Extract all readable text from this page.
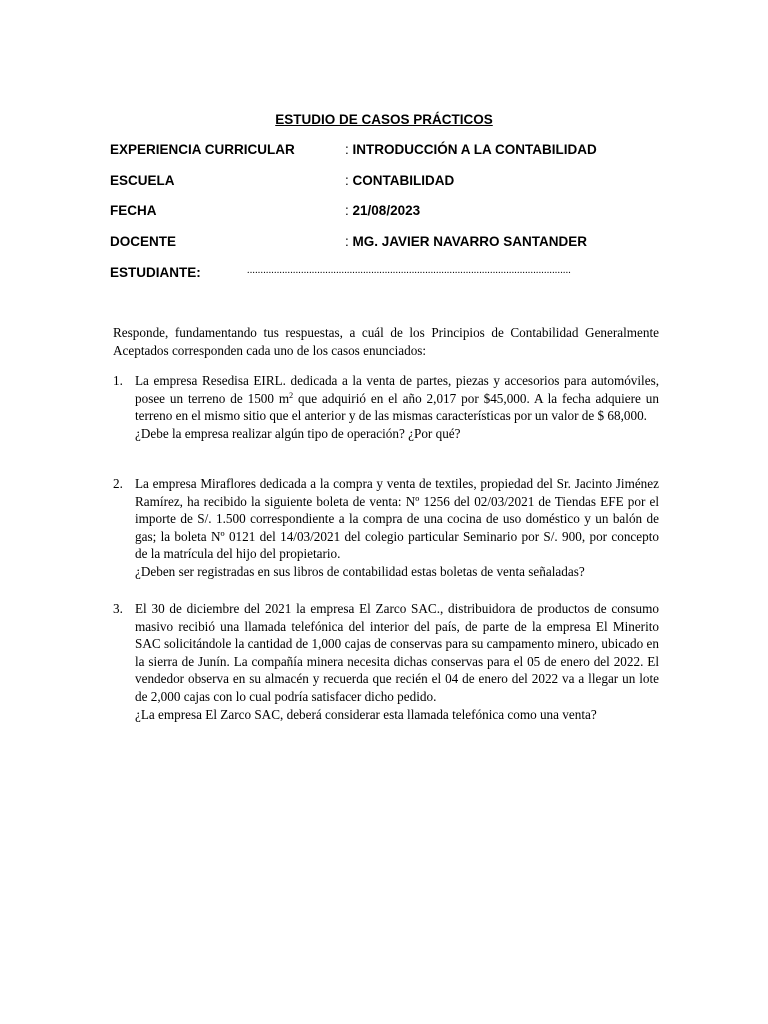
ESTUDIO DE CASOS PRÁCTICOS
EXPERIENCIA CURRICULAR	: INTRODUCCIÓN A LA CONTABILIDAD
ESCUELA	: CONTABILIDAD
FECHA	: 21/08/2023
DOCENTE	: MG. JAVIER NAVARRO SANTANDER
ESTUDIANTE:	........................................................................................................................
Responde, fundamentando tus respuestas, a cuál de los Principios de Contabilidad Generalmente Aceptados corresponden cada uno de los casos enunciados:
1. La empresa Resedisa EIRL. dedicada a la venta de partes, piezas y accesorios para automóviles, posee un terreno de 1500 $m^2$ que adquirió en el año 2,017 por $45,000. A la fecha adquiere un terreno en el mismo sitio que el anterior y de las mismas características por un valor de $ 68,000.
¿Debe la empresa realizar algún tipo de operación? ¿Por qué?
2. La empresa Miraflores dedicada a la compra y venta de textiles, propiedad del Sr. Jacinto Jiménez Ramírez, ha recibido la siguiente boleta de venta: Nº 1256 del 02/03/2021 de Tiendas EFE por el importe de S/. 1.500 correspondiente a la compra de una cocina de uso doméstico y un balón de gas; la boleta Nº 0121 del 14/03/2021 del colegio particular Seminario por S/. 900, por concepto de la matrícula del hijo del propietario.
¿Deben ser registradas en sus libros de contabilidad estas boletas de venta señaladas?
3. El 30 de diciembre del 2021 la empresa El Zarco SAC., distribuidora de productos de consumo masivo recibió una llamada telefónica del interior del país, de parte de la empresa El Minerito SAC solicitándole la cantidad de 1,000 cajas de conservas para su campamento minero, ubicado en la sierra de Junín. La compañía minera necesita dichas conservas para el 05 de enero del 2022. El vendedor observa en su almacén y recuerda que recién el 04 de enero del 2022 va a llegar un lote de 2,000 cajas con lo cual podría satisfacer dicho pedido.
¿La empresa El Zarco SAC, deberá considerar esta llamada telefónica como una venta?
